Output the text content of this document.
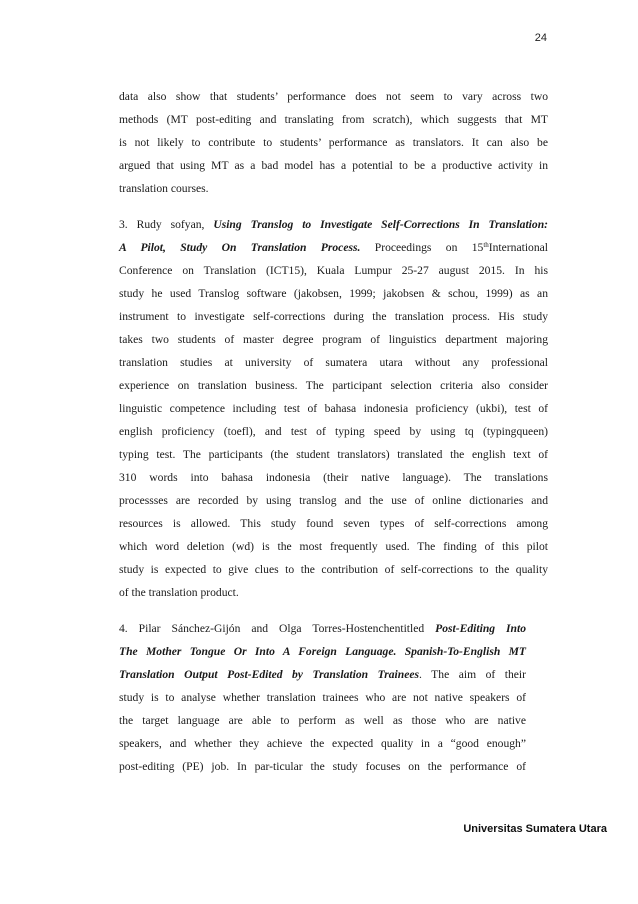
24
data also show that students’ performance does not seem to vary across two
methods (MT post-editing and translating from scratch), which suggests that MT
is not likely to contribute to students’ performance as translators. It can also be
argued that using MT as a bad model has a potential to be a productive activity in
translation courses.
3. Rudy sofyan, Using Translog to Investigate Self-Corrections In Translation:
A Pilot, Study On Translation Process. Proceedings on 15thInternational
Conference on Translation (ICT15), Kuala Lumpur 25-27 august 2015. In his
study he used Translog software (jakobsen, 1999; jakobsen & schou, 1999) as an
instrument to investigate self-corrections during the translation process. His study
takes two students of master degree program of linguistics department majoring
translation studies at university of sumatera utara without any professional
experience on translation business. The participant selection criteria also consider
linguistic competence including test of bahasa indonesia proficiency (ukbi), test of
english proficiency (toefl), and test of typing speed by using tq (typingqueen)
typing test. The participants (the student translators) translated the english text of
310 words into bahasa indonesia (their native language). The translations
processses are recorded by using translog and the use of online dictionaries and
resources is allowed. This study found seven types of self-corrections among
which word deletion (wd) is the most frequently used. The finding of this pilot
study is expected to give clues to the contribution of self-corrections to the quality
of the translation product.
4. Pilar Sánchez-Gijón and Olga Torres-Hostenchentitled Post-Editing Into
The Mother Tongue Or Into A Foreign Language. Spanish-To-English MT
Translation Output Post-Edited by Translation Trainees. The aim of their
study is to analyse whether translation trainees who are not native speakers of
the target language are able to perform as well as those who are native
speakers, and whether they achieve the expected quality in a “good enough”
post-editing (PE) job. In par-ticular the study focuses on the performance of
Universitas Sumatera Utara
